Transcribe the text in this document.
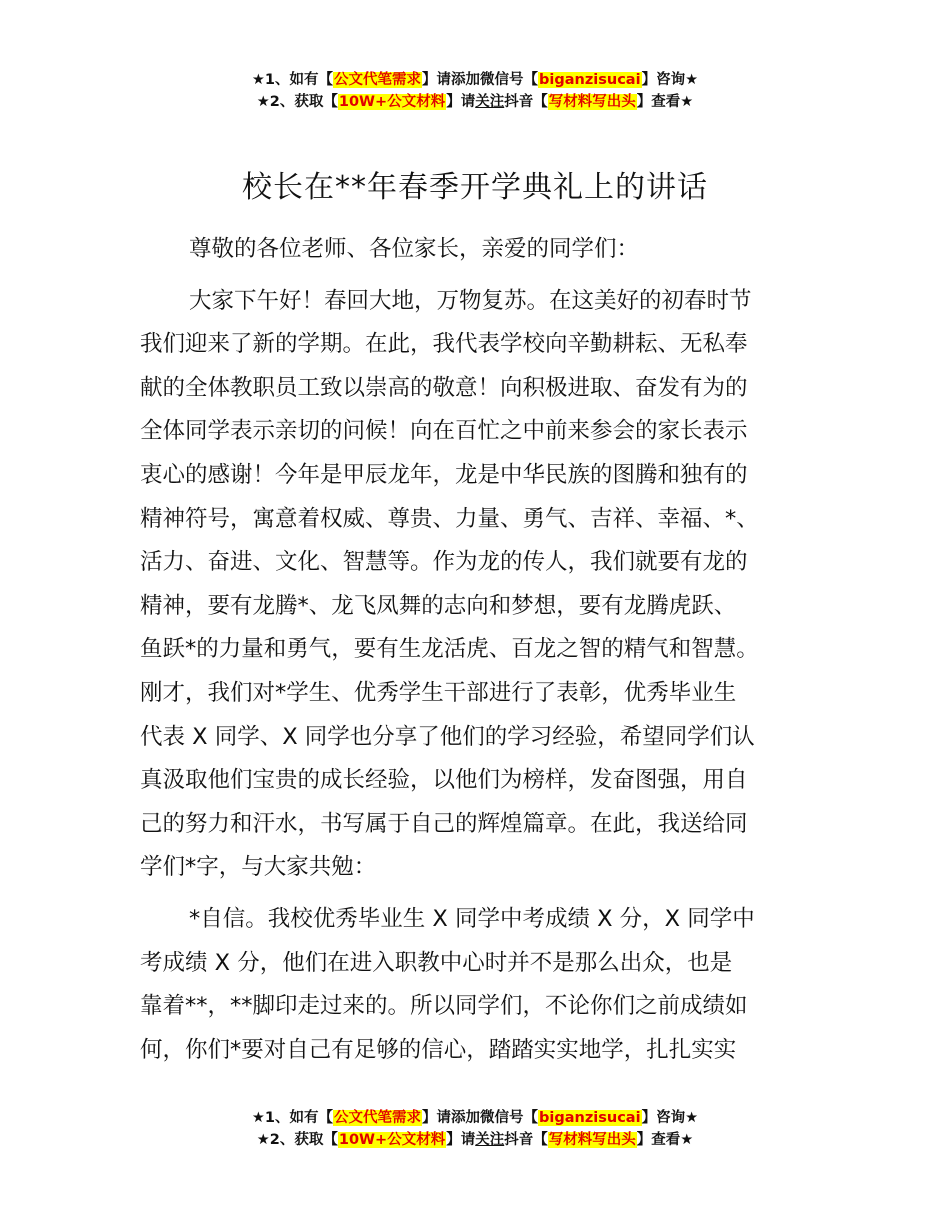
★1、如有【公文代笔需求】请添加微信号【biganzisucai】咨询★
★2、获取【10W+公文材料】请关注抖音【写材料写出头】查看★
校长在**年春季开学典礼上的讲话

尊敬的各位老师、各位家长，亲爱的同学们：

大家下午好！春回大地，万物复苏。在这美好的初春时节
我们迎来了新的学期。在此，我代表学校向辛勤耕耘、无私奉
献的全体教职员工致以崇高的敬意！向积极进取、奋发有为的
全体同学表示亲切的问候！向在百忙之中前来参会的家长表示
衷心的感谢！今年是甲辰龙年，龙是中华民族的图腾和独有的
精神符号，寓意着权威、尊贵、力量、勇气、吉祥、幸福、*、
活力、奋进、文化、智慧等。作为龙的传人，我们就要有龙的
精神，要有龙腾*、龙飞凤舞的志向和梦想，要有龙腾虎跃、
鱼跃*的力量和勇气，要有生龙活虎、百龙之智的精气和智慧。
刚才，我们对*学生、优秀学生干部进行了表彰，优秀毕业生
代表 X 同学、X 同学也分享了他们的学习经验，希望同学们认
真汲取他们宝贵的成长经验，以他们为榜样，发奋图强，用自
己的努力和汗水，书写属于自己的辉煌篇章。在此，我送给同
学们*字，与大家共勉：
*自信。我校优秀毕业生 X 同学中考成绩 X 分，X 同学中
考成绩 X 分，他们在进入职教中心时并不是那么出众，也是
靠着**，**脚印走过来的。所以同学们，不论你们之前成绩如
何，你们*要对自己有足够的信心，踏踏实实地学，扎扎实实
★1、如有【公文代笔需求】请添加微信号【biganzisucai】咨询★
★2、获取【10W+公文材料】请关注抖音【写材料写出头】查看★
